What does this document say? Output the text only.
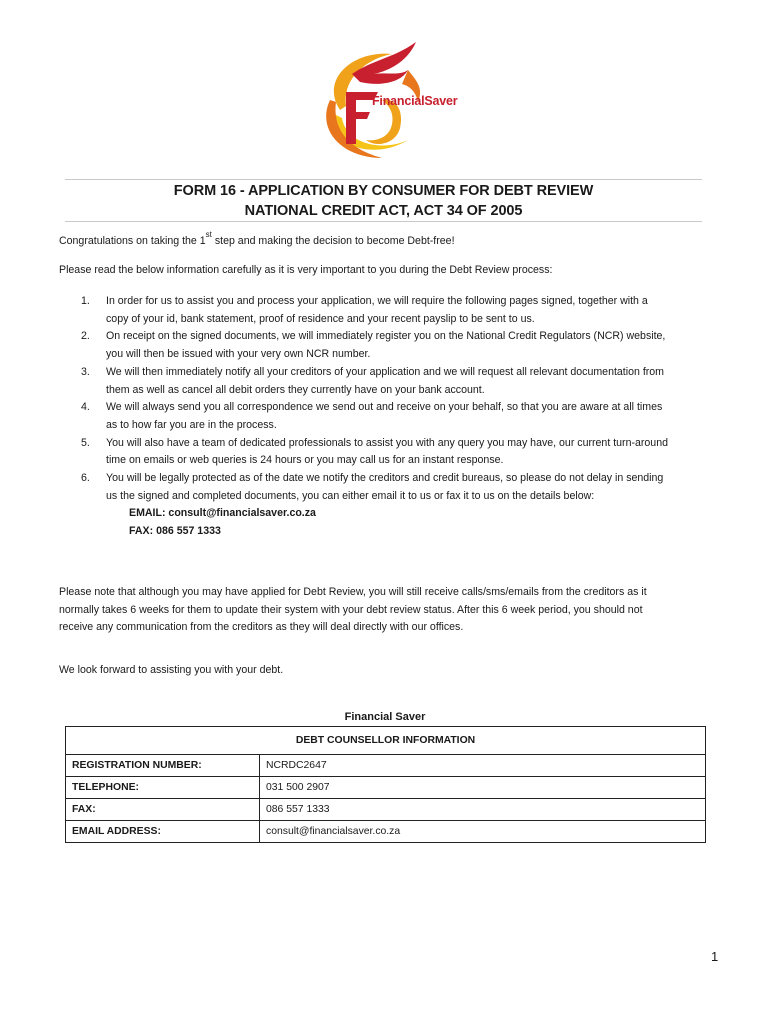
FinancialSaver
FORM 16 - APPLICATION BY CONSUMER FOR DEBT REVIEW
NATIONAL CREDIT ACT, ACT 34 OF 2005
Congratulations on taking the 1st step and making the decision to become Debt-free!
Please read the below information carefully as it is very important to you during the Debt Review process:
1. In order for us to assist you and process your application, we will require the following pages signed, together with a copy of your id, bank statement, proof of residence and your recent payslip to be sent to us.
2. On receipt on the signed documents, we will immediately register you on the National Credit Regulators (NCR) website, you will then be issued with your very own NCR number.
3. We will then immediately notify all your creditors of your application and we will request all relevant documentation from them as well as cancel all debit orders they currently have on your bank account.
4. We will always send you all correspondence we send out and receive on your behalf, so that you are aware at all times as to how far you are in the process.
5. You will also have a team of dedicated professionals to assist you with any query you may have, our current turn-around time on emails or web queries is 24 hours or you may call us for an instant response.
6. You will be legally protected as of the date we notify the creditors and credit bureaus, so please do not delay in sending us the signed and completed documents, you can either email it to us or fax it to us on the details below:
EMAIL: consult@financialsaver.co.za
FAX: 086 557 1333
Please note that although you may have applied for Debt Review, you will still receive calls/sms/emails from the creditors as it normally takes 6 weeks for them to update their system with your debt review status. After this 6 week period, you should not receive any communication from the creditors as they will deal directly with our offices.
We look forward to assisting you with your debt.
Financial Saver
DEBT COUNSELLOR INFORMATION	
REGISTRATION NUMBER:	NCRDC2647
TELEPHONE:	031 500 2907
FAX:	086 557 1333
EMAIL ADDRESS:	consult@financialsaver.co.za
1
